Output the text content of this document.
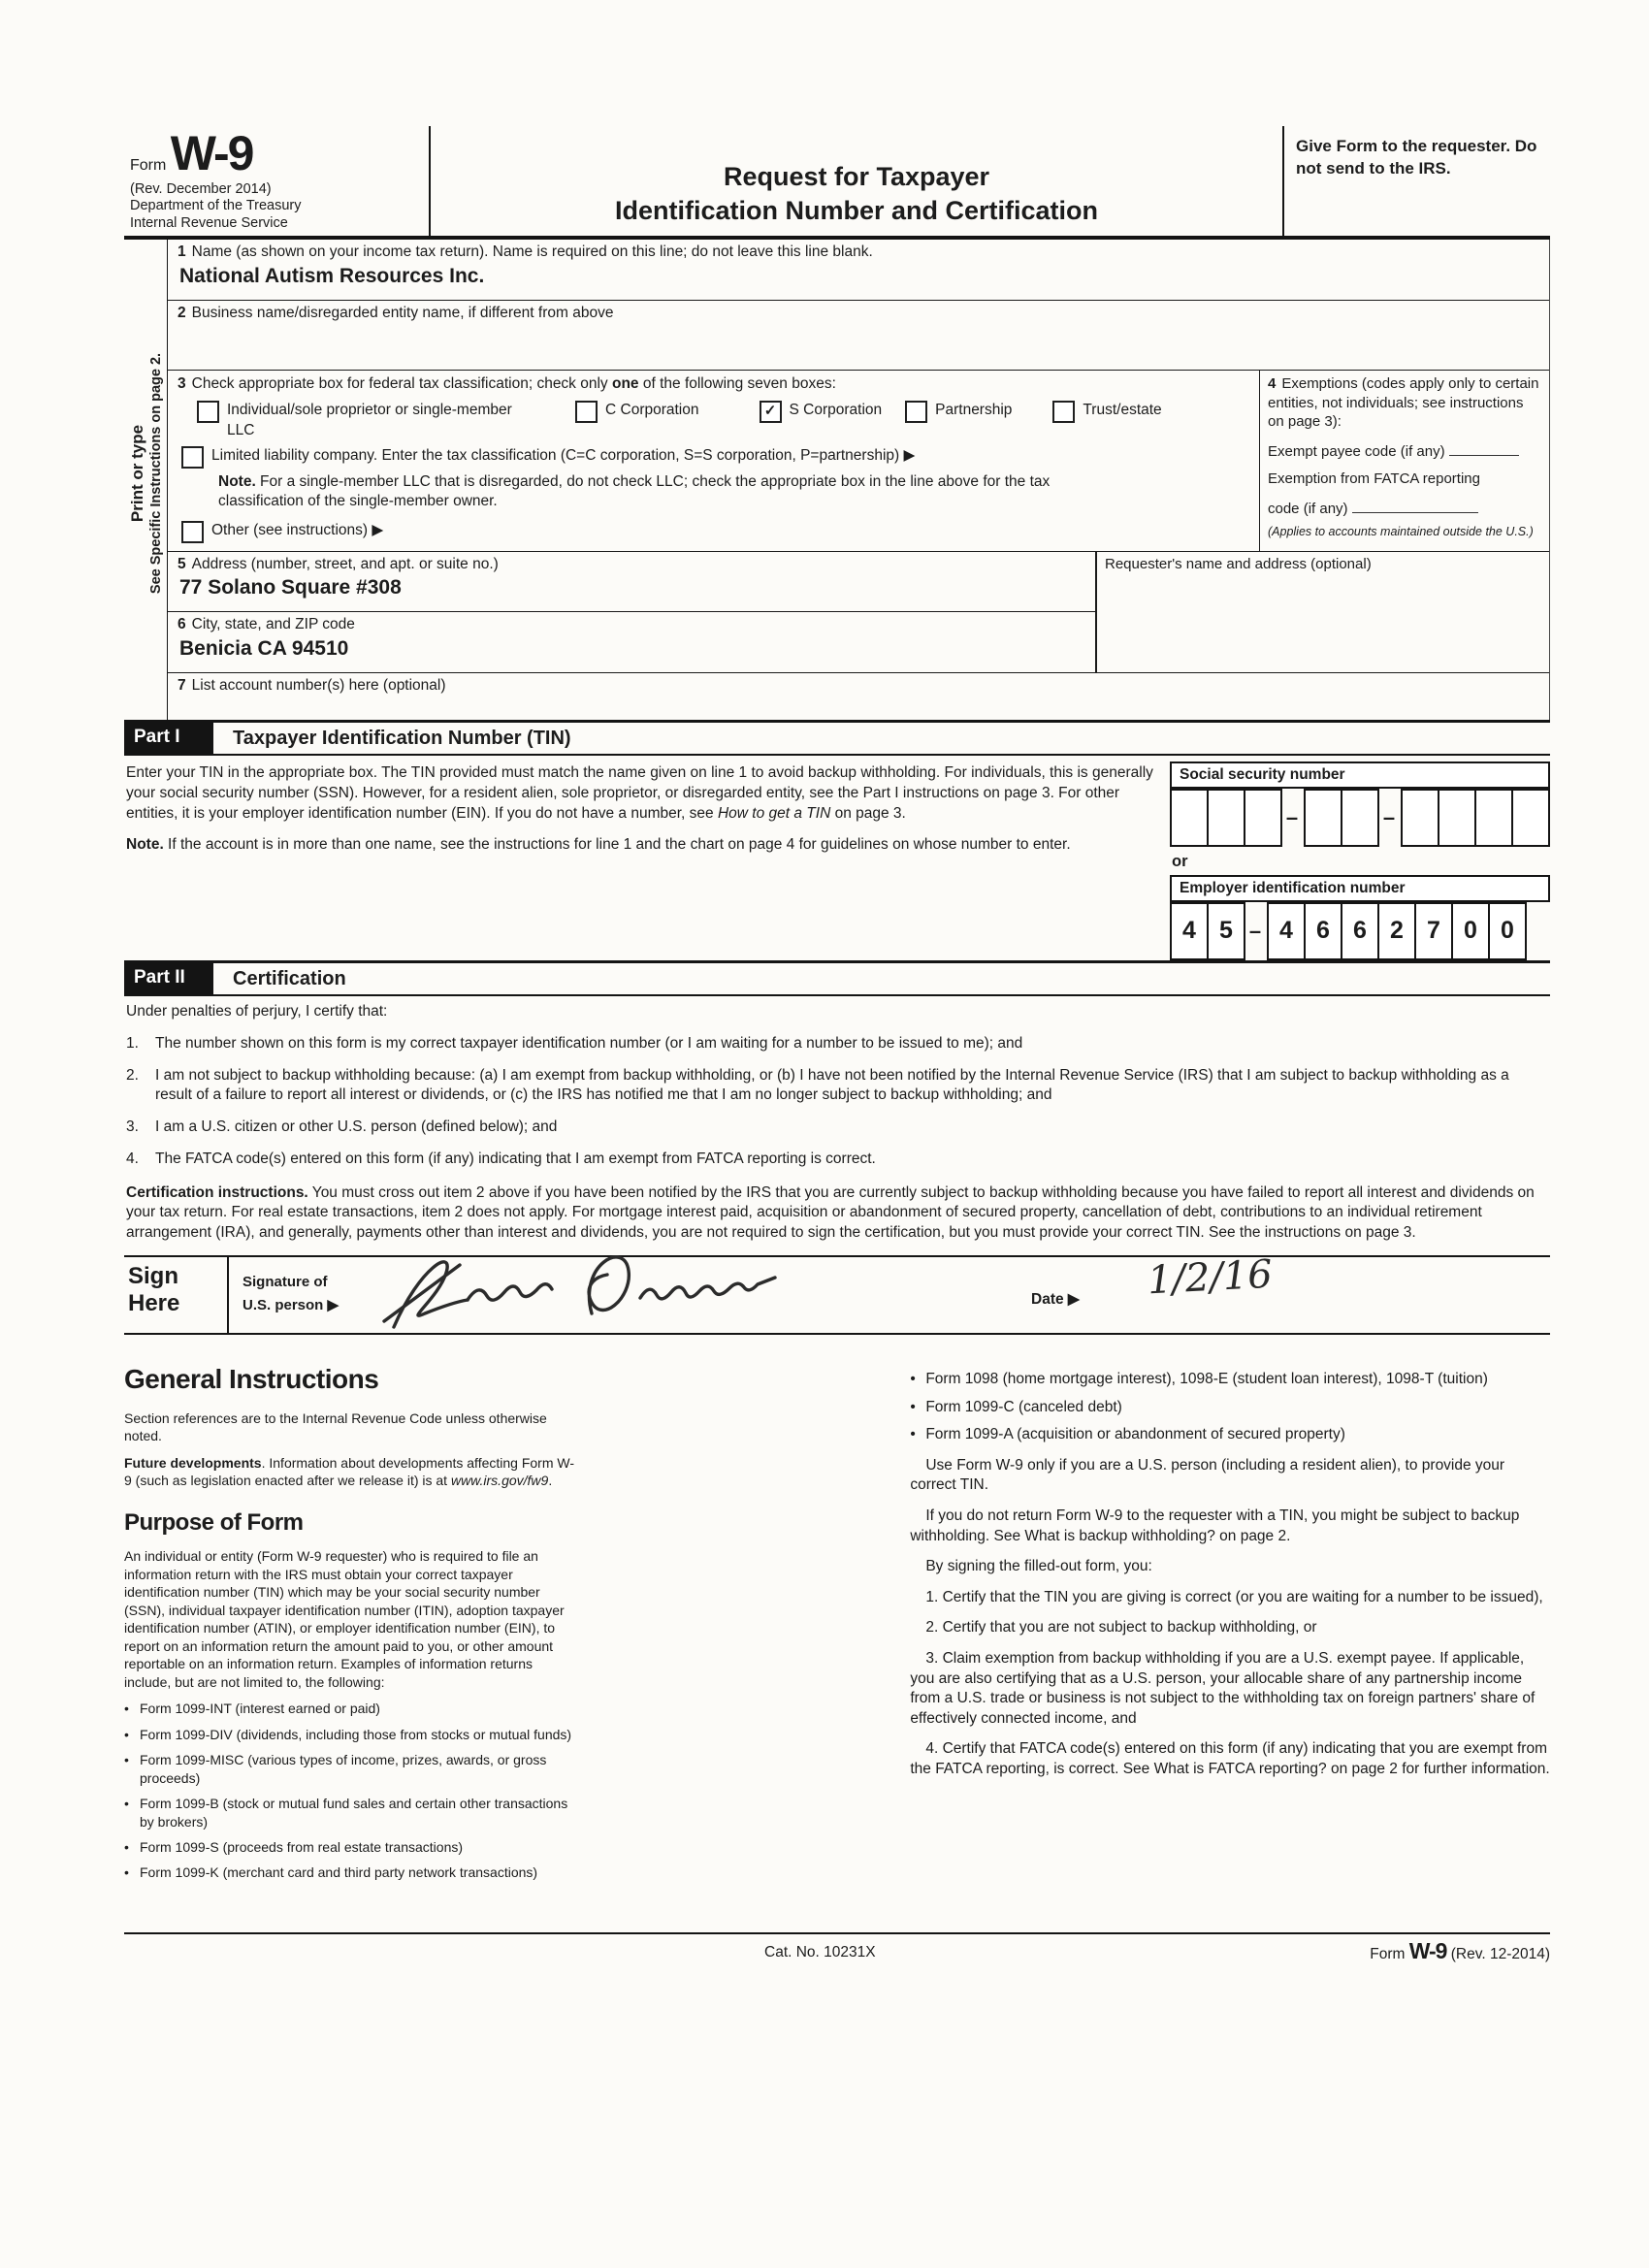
Form W-9
(Rev. December 2014)
Department of the Treasury
Internal Revenue Service
Request for Taxpayer
Identification Number and Certification
Give Form to the requester. Do not send to the IRS.
Print or type See Specific Instructions on page 2.
1 Name (as shown on your income tax return). Name is required on this line; do not leave this line blank.
National Autism Resources Inc.
2 Business name/disregarded entity name, if different from above
3 Check appropriate box for federal tax classification; check only one of the following seven boxes:
Individual/sole proprietor or single-member LLC
C Corporation	✓ S Corporation	Partnership	Trust/estate
Limited liability company. Enter the tax classification (C=C corporation, S=S corporation, P=partnership) ▶
Note. For a single-member LLC that is disregarded, do not check LLC; check the appropriate box in the line above for the tax classification of the single-member owner.
Other (see instructions) ▶
4 Exemptions (codes apply only to certain entities, not individuals; see instructions on page 3):
Exempt payee code (if any)
Exemption from FATCA reporting
code (if any)
(Applies to accounts maintained outside the U.S.)
5 Address (number, street, and apt. or suite no.)
77 Solano Square #308
6 City, state, and ZIP code
Benicia CA 94510
Requester's name and address (optional)
7 List account number(s) here (optional)
Part I	Taxpayer Identification Number (TIN)
Enter your TIN in the appropriate box. The TIN provided must match the name given on line 1 to avoid backup withholding. For individuals, this is generally your social security number (SSN). However, for a resident alien, sole proprietor, or disregarded entity, see the Part I instructions on page 3. For other entities, it is your employer identification number (EIN). If you do not have a number, see How to get a TIN on page 3.
Note. If the account is in more than one name, see the instructions for line 1 and the chart on page 4 for guidelines on whose number to enter.
Social security number
–	–
or
Employer identification number
4 5 – 4 6 6 2 7 0 0
Part II	Certification
Under penalties of perjury, I certify that:
1.	The number shown on this form is my correct taxpayer identification number (or I am waiting for a number to be issued to me); and
2.	I am not subject to backup withholding because: (a) I am exempt from backup withholding, or (b) I have not been notified by the Internal Revenue Service (IRS) that I am subject to backup withholding as a result of a failure to report all interest or dividends, or (c) the IRS has notified me that I am no longer subject to backup withholding; and
3.	I am a U.S. citizen or other U.S. person (defined below); and
4.	The FATCA code(s) entered on this form (if any) indicating that I am exempt from FATCA reporting is correct.
Certification instructions. You must cross out item 2 above if you have been notified by the IRS that you are currently subject to backup withholding because you have failed to report all interest and dividends on your tax return. For real estate transactions, item 2 does not apply. For mortgage interest paid, acquisition or abandonment of secured property, cancellation of debt, contributions to an individual retirement arrangement (IRA), and generally, payments other than interest and dividends, you are not required to sign the certification, but you must provide your correct TIN. See the instructions on page 3.
Sign
Here
Signature of
U.S. person ▶	Date ▶ 1/2/16
General Instructions
Section references are to the Internal Revenue Code unless otherwise noted.
Future developments. Information about developments affecting Form W-9 (such as legislation enacted after we release it) is at www.irs.gov/fw9.
Purpose of Form
An individual or entity (Form W-9 requester) who is required to file an information return with the IRS must obtain your correct taxpayer identification number (TIN) which may be your social security number (SSN), individual taxpayer identification number (ITIN), adoption taxpayer identification number (ATIN), or employer identification number (EIN), to report on an information return the amount paid to you, or other amount reportable on an information return. Examples of information returns include, but are not limited to, the following:
• Form 1099-INT (interest earned or paid)
• Form 1099-DIV (dividends, including those from stocks or mutual funds)
• Form 1099-MISC (various types of income, prizes, awards, or gross proceeds)
• Form 1099-B (stock or mutual fund sales and certain other transactions by brokers)
• Form 1099-S (proceeds from real estate transactions)
• Form 1099-K (merchant card and third party network transactions)
• Form 1098 (home mortgage interest), 1098-E (student loan interest), 1098-T (tuition)
• Form 1099-C (canceled debt)
• Form 1099-A (acquisition or abandonment of secured property)
Use Form W-9 only if you are a U.S. person (including a resident alien), to provide your correct TIN.
If you do not return Form W-9 to the requester with a TIN, you might be subject to backup withholding. See What is backup withholding? on page 2.
By signing the filled-out form, you:
1. Certify that the TIN you are giving is correct (or you are waiting for a number to be issued),
2. Certify that you are not subject to backup withholding, or
3. Claim exemption from backup withholding if you are a U.S. exempt payee. If applicable, you are also certifying that as a U.S. person, your allocable share of any partnership income from a U.S. trade or business is not subject to the withholding tax on foreign partners' share of effectively connected income, and
4. Certify that FATCA code(s) entered on this form (if any) indicating that you are exempt from the FATCA reporting, is correct. See What is FATCA reporting? on page 2 for further information.
Cat. No. 10231X	Form W-9 (Rev. 12-2014)
